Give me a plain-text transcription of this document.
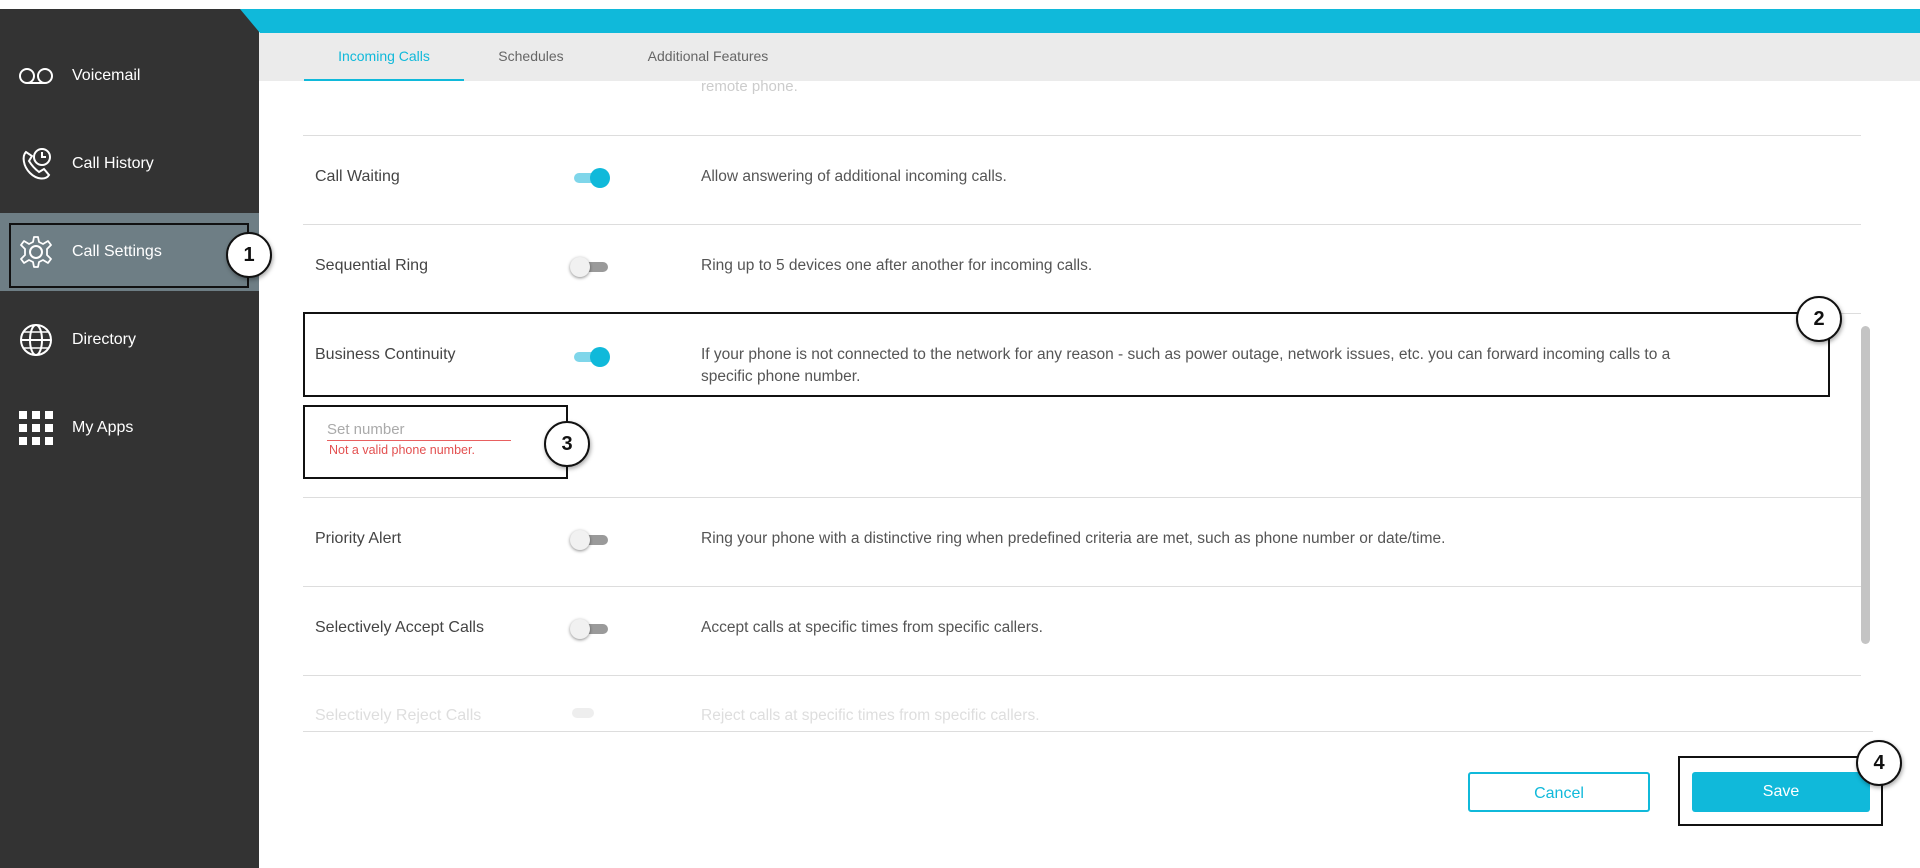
Voicemail
Call History
Call Settings
Directory
My Apps
Incoming Calls	Schedules	Additional Features
remote phone.
Call Waiting	Allow answering of additional incoming calls.
Sequential Ring	Ring up to 5 devices one after another for incoming calls.
Business Continuity	If your phone is not connected to the network for any reason - such as power outage, network issues, etc. you can forward incoming calls to a
specific phone number.
Set number
Not a valid phone number.
Priority Alert	Ring your phone with a distinctive ring when predefined criteria are met, such as phone number or date/time.
Selectively Accept Calls	Accept calls at specific times from specific callers.
Selectively Reject Calls	Reject calls at specific times from specific callers.
Cancel	Save
1
2
3
4
